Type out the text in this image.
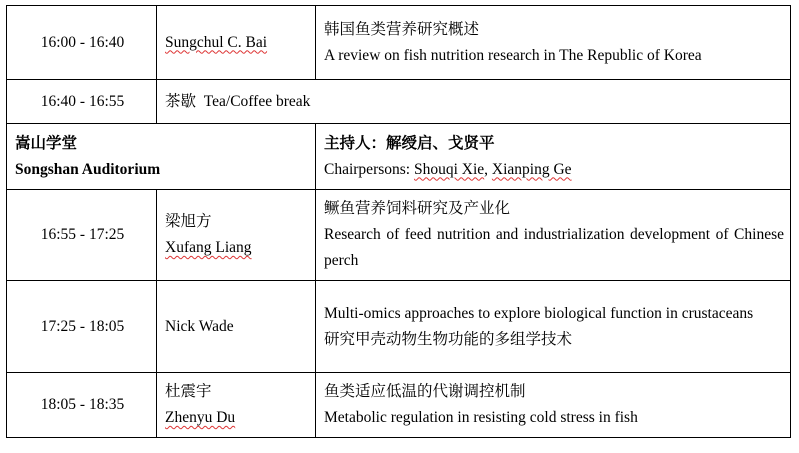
16:00 - 16:40	Sungchul C. Bai	韩国鱼类营养研究概述
A review on fish nutrition research in The Republic of Korea

16:40 - 16:55	茶歇  Tea/Coffee break	

嵩山学堂
Songshan Auditorium		主持人：解绶启、戈贤平
Chairpersons: Shouqi Xie, Xianping Ge

16:55 - 17:25	梁旭方
Xufang Liang	鳜鱼营养饲料研究及产业化
Research of feed nutrition and industrialization development of Chinese perch

17:25 - 18:05	Nick Wade	Multi-omics approaches to explore biological function in crustaceans
研究甲壳动物生物功能的多组学技术

18:05 - 18:35	杜震宇
Zhenyu Du	鱼类适应低温的代谢调控机制
Metabolic regulation in resisting cold stress in fish
